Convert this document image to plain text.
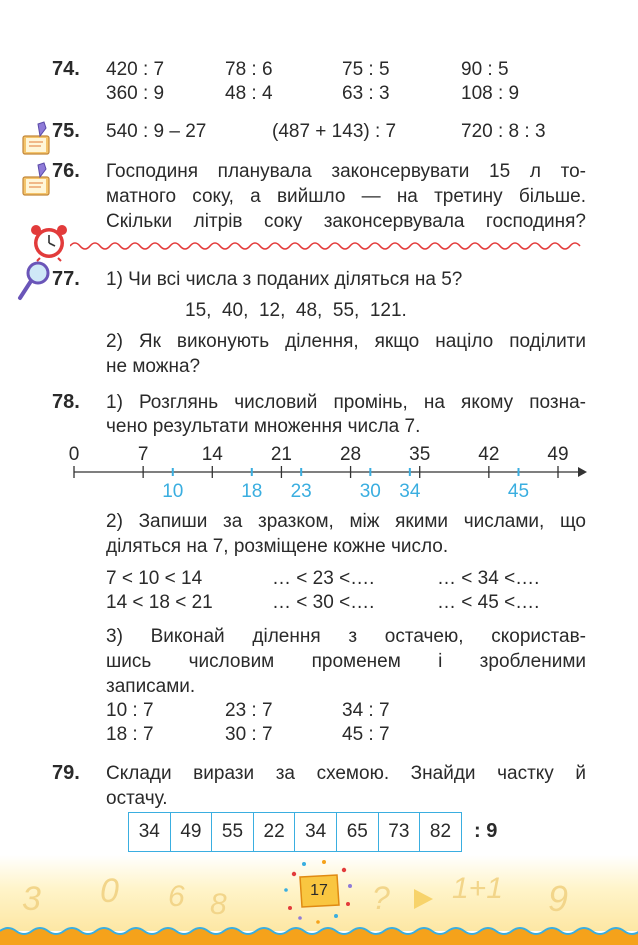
74. 420 : 7	78 : 6	75 : 5	90 : 5
360 : 9	48 : 4	63 : 3	108 : 9
75. 540 : 9 – 27	(487 + 143) : 7	720 : 8 : 3
76. Господиня планувала законсервувати 15 л то-
матного соку, а вийшло — на третину більше.
Скільки літрів соку законсервувала господиня?
77. 1) Чи всі числа з поданих діляться на 5?
15,  40,  12,  48,  55,  121.
2) Як виконують ділення, якщо націло поділити
не можна?
78. 1) Розглянь числовий промінь, на якому позна-
чено результати множення числа 7.
0	7	14	21	28	35	42	49
10	18 23	30 34	45
2) Запиши за зразком, між якими числами, що
діляться на 7, розміщене кожне число.
7 < 10 < 14	… < 23 <….	… < 34 <….
14 < 18 < 21	… < 30 <….	… < 45 <….
3) Виконай ділення з остачею, скористав-
шись числовим променем і зробленими
записами.
10 : 7	23 : 7	34 : 7
18 : 7	30 : 7	45 : 7
79. Склади вирази за схемою. Знайди частку й
остачу.
34	49	55	22	34	65	73	82	: 9
3 0 6 8	? 1+1 9
17
